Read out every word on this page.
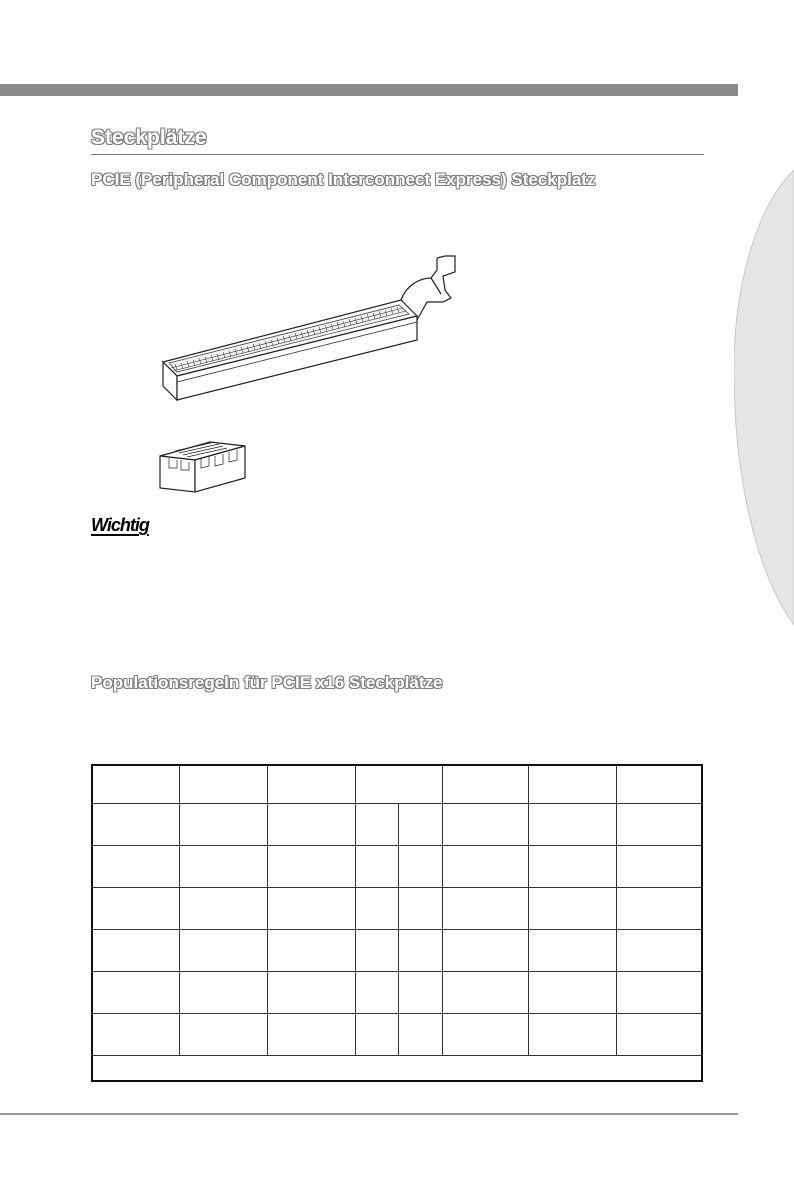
Steckplätze
PCIE (Peripheral Component Interconnect Express) Steckplatz

Wichtig

Populationsregeln für PCIE x16 Steckplätze
